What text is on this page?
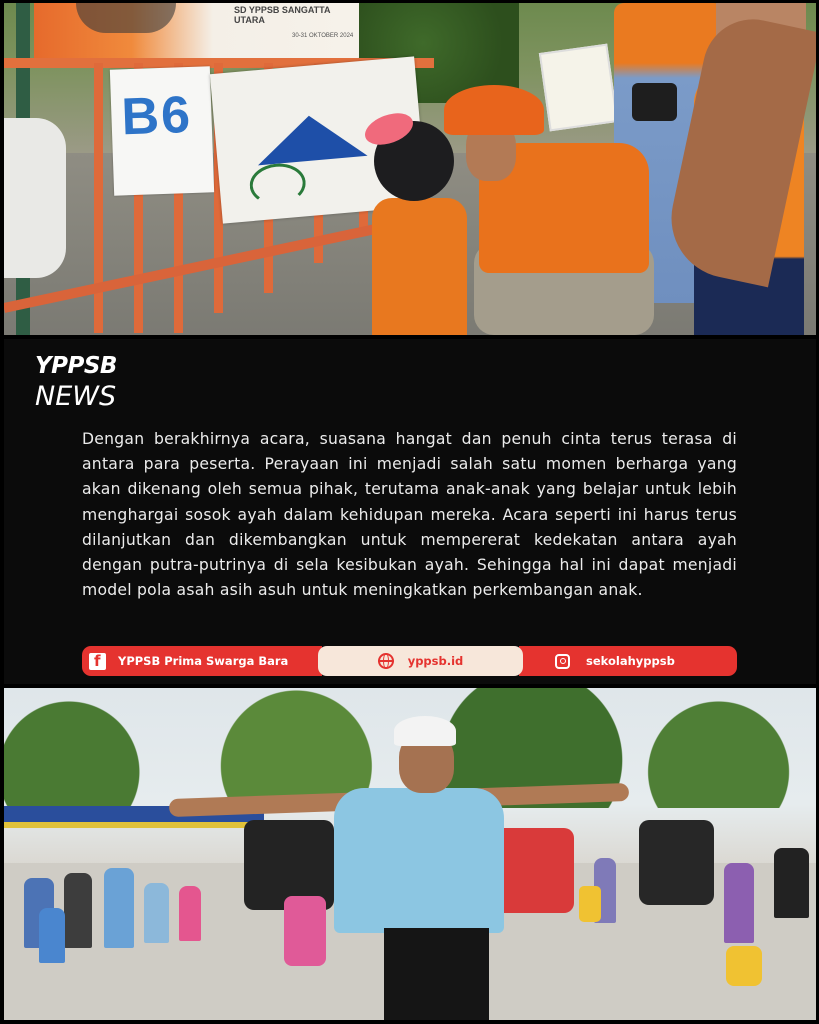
SD YPPSB SANGATTA UTARA
30-31 OKTOBER 2024
B6
YPPSB
NEWS

Dengan berakhirnya acara, suasana hangat dan penuh cinta terus terasa di antara para peserta. Perayaan ini menjadi salah satu momen berharga yang akan dikenang oleh semua pihak, terutama anak-anak yang belajar untuk lebih menghargai sosok ayah dalam kehidupan mereka. Acara seperti ini harus terus dilanjutkan dan dikembangkan untuk mempererat kedekatan antara ayah dengan putra-putrinya di sela kesibukan ayah. Sehingga hal ini dapat menjadi model pola asah asih asuh untuk meningkatkan perkembangan anak.

f
YPPSB Prima Swarga Bara	yppsb.id	sekolahyppsb
